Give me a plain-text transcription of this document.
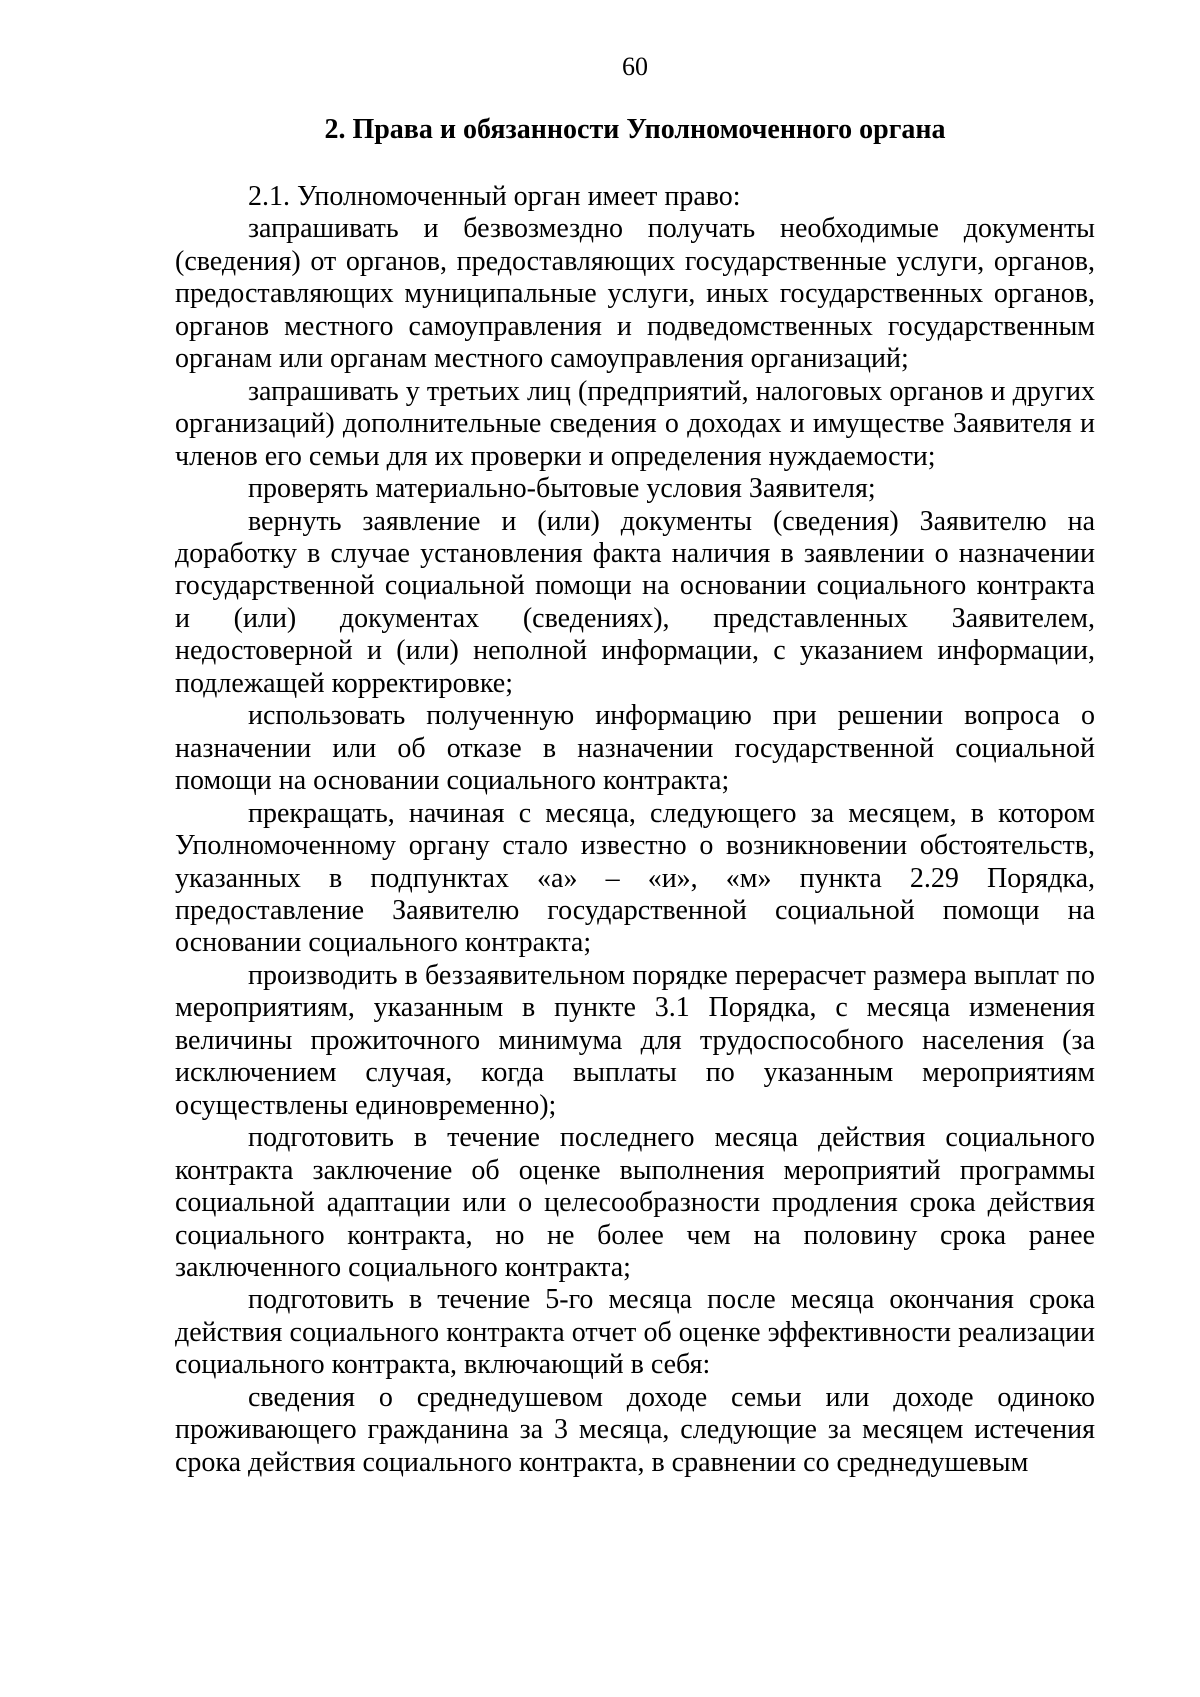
60
2. Права и обязанности Уполномоченного органа

2.1. Уполномоченный орган имеет право:

запрашивать и безвозмездно получать необходимые документы (сведения) от органов, предоставляющих государственные услуги, органов, предоставляющих муниципальные услуги, иных государственных органов, органов местного самоуправления и подведомственных государственным органам или органам местного самоуправления организаций;

запрашивать у третьих лиц (предприятий, налоговых органов и других организаций) дополнительные сведения о доходах и имуществе Заявителя и членов его семьи для их проверки и определения нуждаемости;

проверять материально-бытовые условия Заявителя;

вернуть заявление и (или) документы (сведения) Заявителю на доработку в случае установления факта наличия в заявлении о назначении государственной социальной помощи на основании социального контракта и (или) документах (сведениях), представленных Заявителем, недостоверной и (или) неполной информации, с указанием информации, подлежащей корректировке;

использовать полученную информацию при решении вопроса о назначении или об отказе в назначении государственной социальной помощи на основании социального контракта;

прекращать, начиная с месяца, следующего за месяцем, в котором Уполномоченному органу стало известно о возникновении обстоятельств, указанных в подпунктах «а» – «и», «м» пункта 2.29 Порядка, предоставление Заявителю государственной социальной помощи на основании социального контракта;

производить в беззаявительном порядке перерасчет размера выплат по мероприятиям, указанным в пункте 3.1 Порядка, с месяца изменения величины прожиточного минимума для трудоспособного населения (за исключением случая, когда выплаты по указанным мероприятиям осуществлены единовременно);

подготовить в течение последнего месяца действия социального контракта заключение об оценке выполнения мероприятий программы социальной адаптации или о целесообразности продления срока действия социального контракта, но не более чем на половину срока ранее заключенного социального контракта;

подготовить в течение 5-го месяца после месяца окончания срока действия социального контракта отчет об оценке эффективности реализации социального контракта, включающий в себя:

сведения о среднедушевом доходе семьи или доходе одиноко проживающего гражданина за 3 месяца, следующие за месяцем истечения срока действия социального контракта, в сравнении со среднедушевым
